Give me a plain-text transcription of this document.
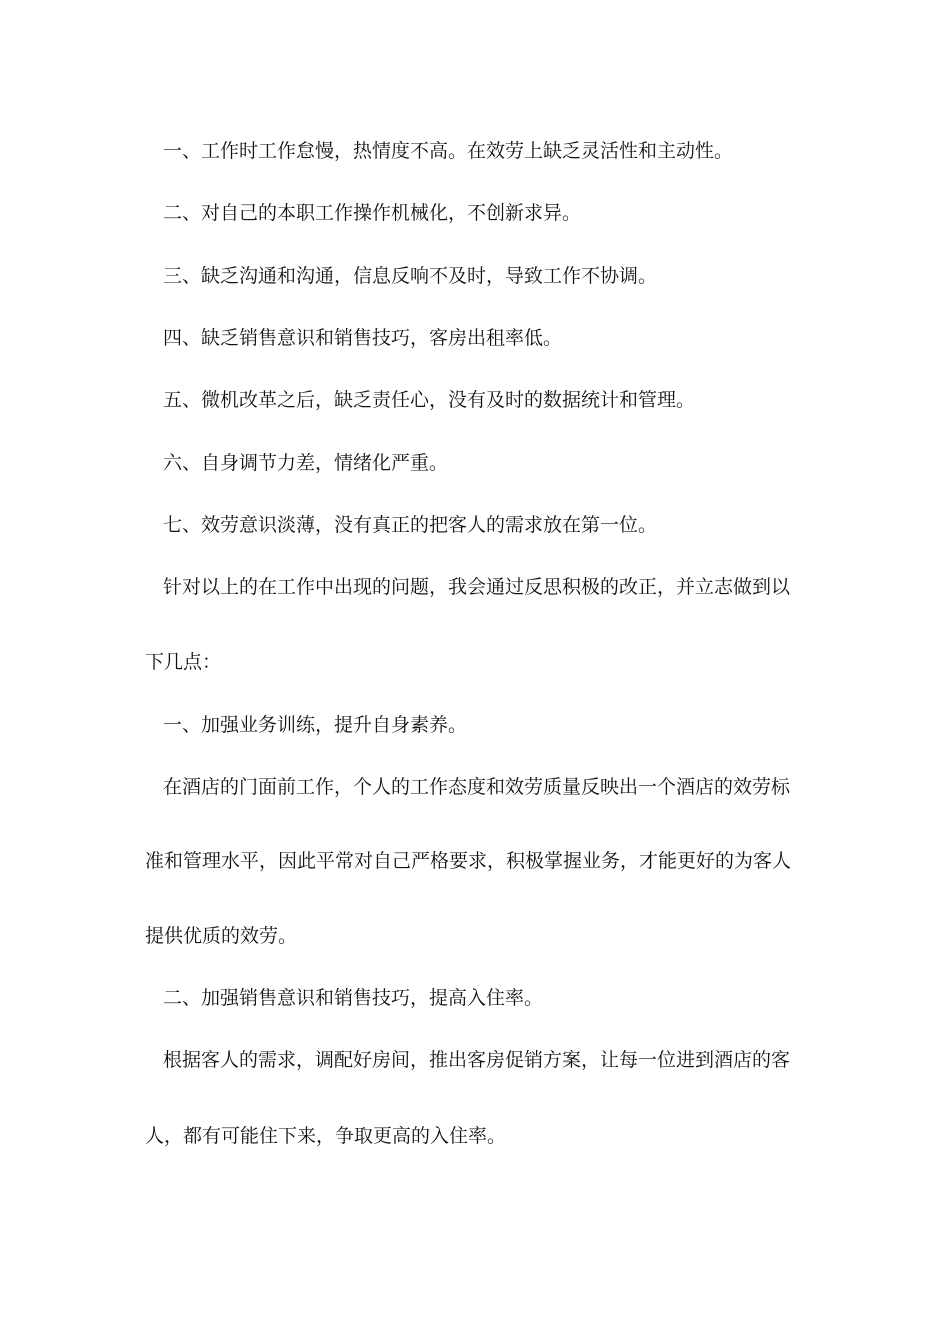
一、工作时工作怠慢，热情度不高。在效劳上缺乏灵活性和主动性。
二、对自己的本职工作操作机械化，不创新求异。
三、缺乏沟通和沟通，信息反响不及时，导致工作不协调。
四、缺乏销售意识和销售技巧，客房出租率低。
五、微机改革之后，缺乏责任心，没有及时的数据统计和管理。
六、自身调节力差，情绪化严重。
七、效劳意识淡薄，没有真正的把客人的需求放在第一位。
针对以上的在工作中出现的问题，我会通过反思积极的改正，并立志做到以
下几点：
一、加强业务训练，提升自身素养。
在酒店的门面前工作，个人的工作态度和效劳质量反映出一个酒店的效劳标
准和管理水平，因此平常对自己严格要求，积极掌握业务，才能更好的为客人
提供优质的效劳。
二、加强销售意识和销售技巧，提高入住率。
根据客人的需求，调配好房间，推出客房促销方案，让每一位进到酒店的客
人，都有可能住下来，争取更高的入住率。
